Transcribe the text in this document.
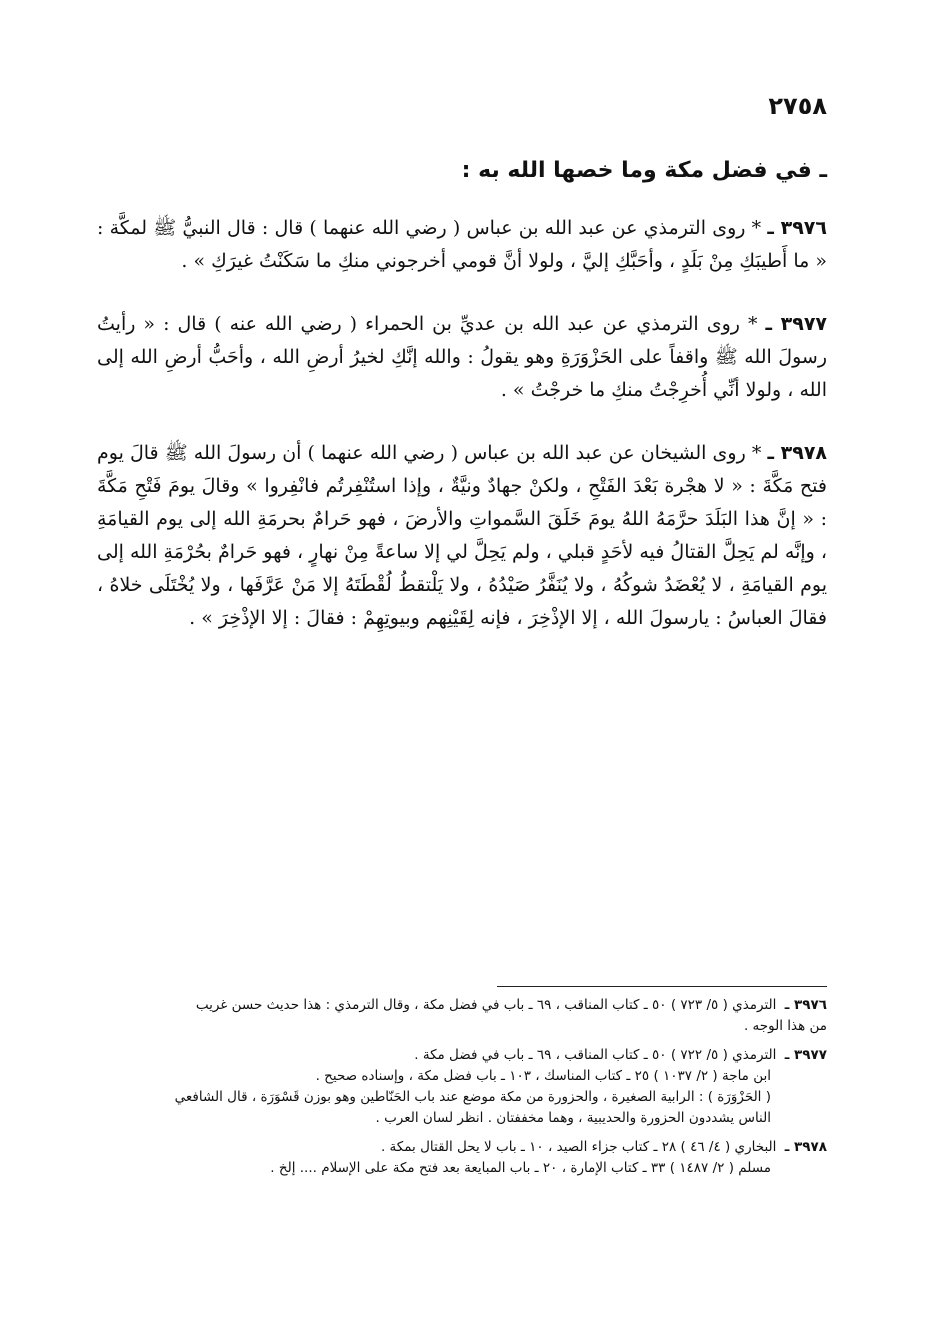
٢٧٥٨
ـ في فضل مكة وما خصها الله به :

٣٩٧٦ ـ * روى الترمذي عن عبد الله بن عباس ( رضي الله عنهما ) قال : قال النبيُّ ﷺ لمكَّة : « ما أَطيبَكِ مِنْ بَلَدٍ ، وأحَبَّكِ إليَّ ، ولولا أنَّ قومي أخرجوني منكِ ما سَكَنْتُ غيرَكِ » .

٣٩٧٧ ـ * روى الترمذي عن عبد الله بن عديِّ بن الحمراء ( رضي الله عنه ) قال : « رأيتُ رسولَ الله ﷺ واقفاً على الحَزْوَرَةِ وهو يقولُ : والله إنَّكِ لخيرُ أرضِ الله ، وأحَبُّ أرضِ الله إلى الله ، ولولا أنِّي أُخرِجْتُ منكِ ما خرجْتُ » .

٣٩٧٨ ـ * روى الشيخان عن عبد الله بن عباس ( رضي الله عنهما ) أن رسولَ الله ﷺ قالَ يوم فتح مَكَّةَ : « لا هجْرة بَعْدَ الفَتْحِ ، ولكنْ جهادٌ ونيَّةٌ ، وإذا استُنْفِرتُم فانْفِروا » وقالَ يومَ فَتْحِ مَكَّةَ : « إنَّ هذا البَلَدَ حرَّمَهُ اللهُ يومَ خَلَقَ السَّمواتِ والأرضَ ، فهو حَرامٌ بحرمَةِ الله إلى يوم القيامَةِ ، وإنَّه لم يَحِلَّ القتالُ فيه لأحَدٍ قبلي ، ولم يَحِلَّ لي إلا ساعةً مِنْ نهارٍ ، فهو حَرامٌ بحُرْمَةِ الله إلى يوم القيامَةِ ، لا يُعْضَدُ شوكُهُ ، ولا يُنَفَّرُ صَيْدُهُ ، ولا يَلْتقطُ لُقْطَتَهُ إلا مَنْ عَرَّفَها ، ولا يُخْتَلَى خلاهُ ، فقالَ العباسُ : يارسولَ الله ، إلا الإذْخِرَ ، فإنه لِقَيْنِهم وبيوتِهِمْ : فقالَ : إلا الإذْخِرَ » .

٣٩٧٦ ـ الترمذي ( ٥/ ٧٢٣ ) ٥٠ ـ كتاب المناقب ، ٦٩ ـ باب في فضل مكة ، وقال الترمذي : هذا حديث حسن غريب
من هذا الوجه .
٣٩٧٧ ـ الترمذي ( ٥/ ٧٢٢ ) ٥٠ ـ كتاب المناقب ، ٦٩ ـ باب في فضل مكة .
ابن ماجة ( ٢/ ١٠٣٧ ) ٢٥ ـ كتاب المناسك ، ١٠٣ ـ باب فضل مكة ، وإسناده صحيح .
( الحَزْوَرَة ) : الرابية الصغيرة ، والحزورة من مكة موضع عند باب الحَنّاطين وهو بوزن قَسْوَرَة ، قال الشافعي
الناس يشددون الحزورة والحديبية ، وهما مخففتان . انظر لسان العرب .
٣٩٧٨ ـ البخاري ( ٤/ ٤٦ ) ٢٨ ـ كتاب جزاء الصيد ، ١٠ ـ باب لا يحل القتال بمكة .
مسلم ( ٢/ ١٤٨٧ ) ٣٣ ـ كتاب الإمارة ، ٢٠ ـ باب المبايعة بعد فتح مكة على الإسلام .... إلخ .
